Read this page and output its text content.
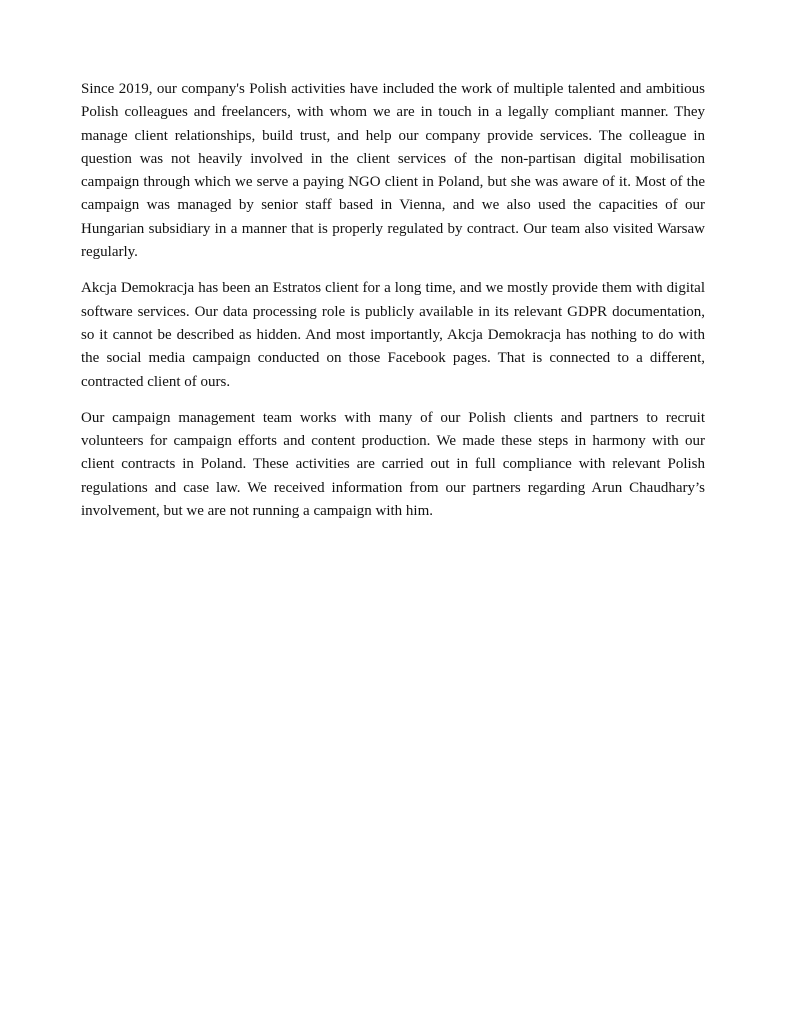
Since 2019, our company's Polish activities have included the work of multiple talented and ambitious Polish colleagues and freelancers, with whom we are in touch in a legally compliant manner. They manage client relationships, build trust, and help our company provide services. The colleague in question was not heavily involved in the client services of the non-partisan digital mobilisation campaign through which we serve a paying NGO client in Poland, but she was aware of it. Most of the campaign was managed by senior staff based in Vienna, and we also used the capacities of our Hungarian subsidiary in a manner that is properly regulated by contract. Our team also visited Warsaw regularly.

Akcja Demokracja has been an Estratos client for a long time, and we mostly provide them with digital software services. Our data processing role is publicly available in its relevant GDPR documentation, so it cannot be described as hidden. And most importantly, Akcja Demokracja has nothing to do with the social media campaign conducted on those Facebook pages. That is connected to a different, contracted client of ours.

Our campaign management team works with many of our Polish clients and partners to recruit volunteers for campaign efforts and content production. We made these steps in harmony with our client contracts in Poland. These activities are carried out in full compliance with relevant Polish regulations and case law. We received information from our partners regarding Arun Chaudhary’s involvement, but we are not running a campaign with him.
